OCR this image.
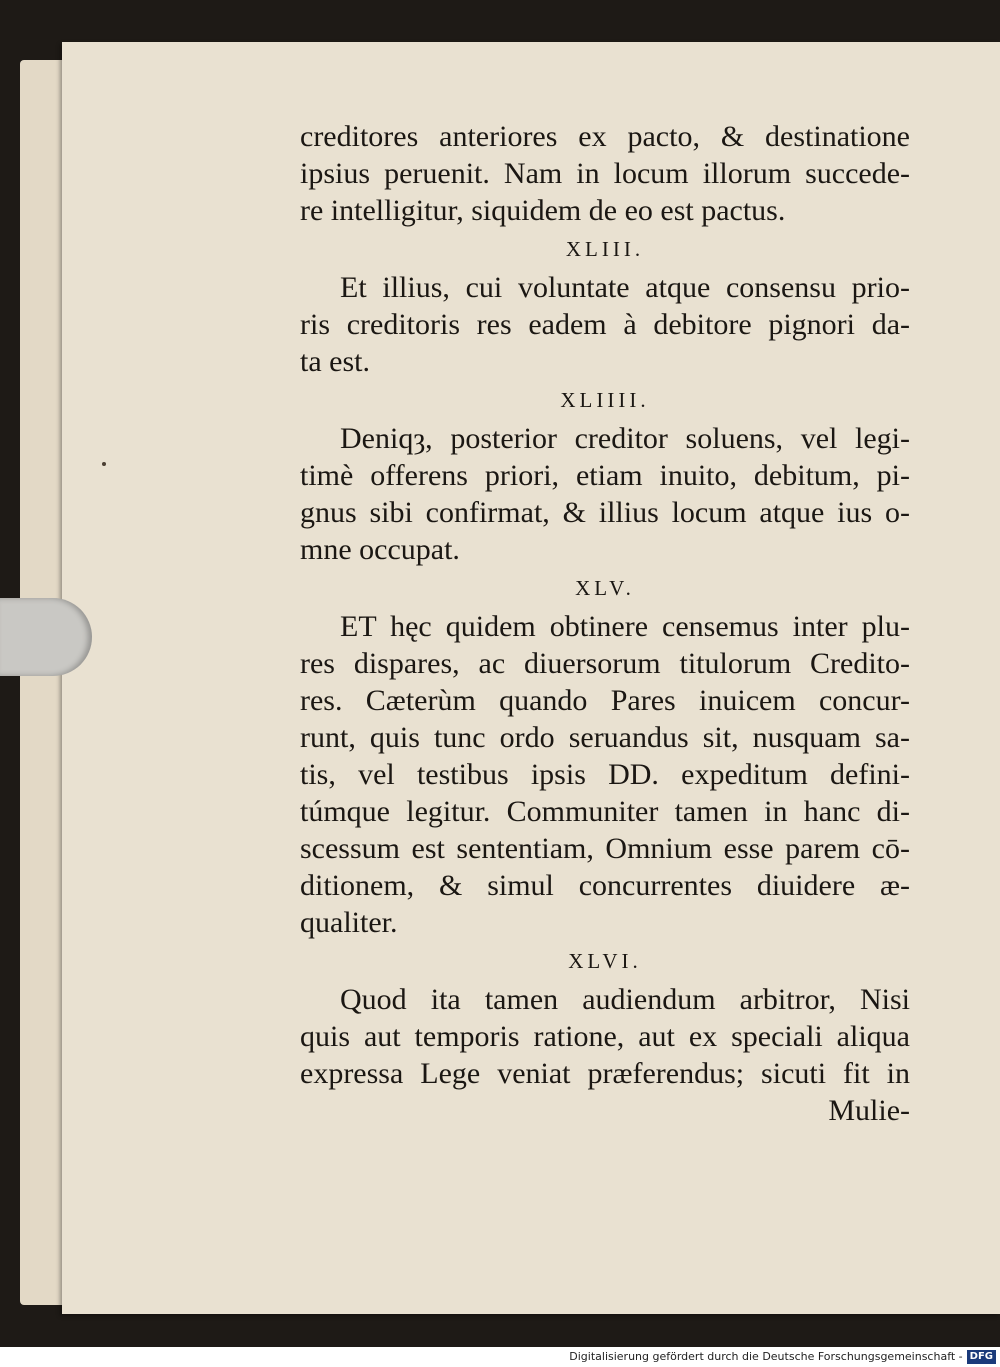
creditores anteriores ex pacto, & destinatione
ipsius peruenit. Nam in locum illorum succede-
re intelligitur, siquidem de eo est pactus.
XLIII.
Et illius, cui voluntate atque consensu prio-
ris creditoris res eadem à debitore pignori da-
ta est.
XLIIII.
Deniqȝ, posterior creditor soluens, vel legi-
timè offerens priori, etiam inuito, debitum, pi-
gnus sibi confirmat, & illius locum atque ius o-
mne occupat.
XLV.
ET hęc quidem obtinere censemus inter plu-
res dispares, ac diuersorum titulorum Credito-
res. Cæterùm quando Pares inuicem concur-
runt, quis tunc ordo seruandus sit, nusquam sa-
tis, vel testibus ipsis DD. expeditum defini-
túmque legitur. Communiter tamen in hanc di-
scessum est sententiam, Omnium esse parem cō-
ditionem, & simul concurrentes diuidere æ-
qualiter.
XLVI.
Quod ita tamen audiendum arbitror, Nisi
quis aut temporis ratione, aut ex speciali aliqua
expressa Lege veniat præferendus; sicuti fit in
Mulie-
Digitalisierung gefördert durch die Deutsche Forschungsgemeinschaft - DFG
